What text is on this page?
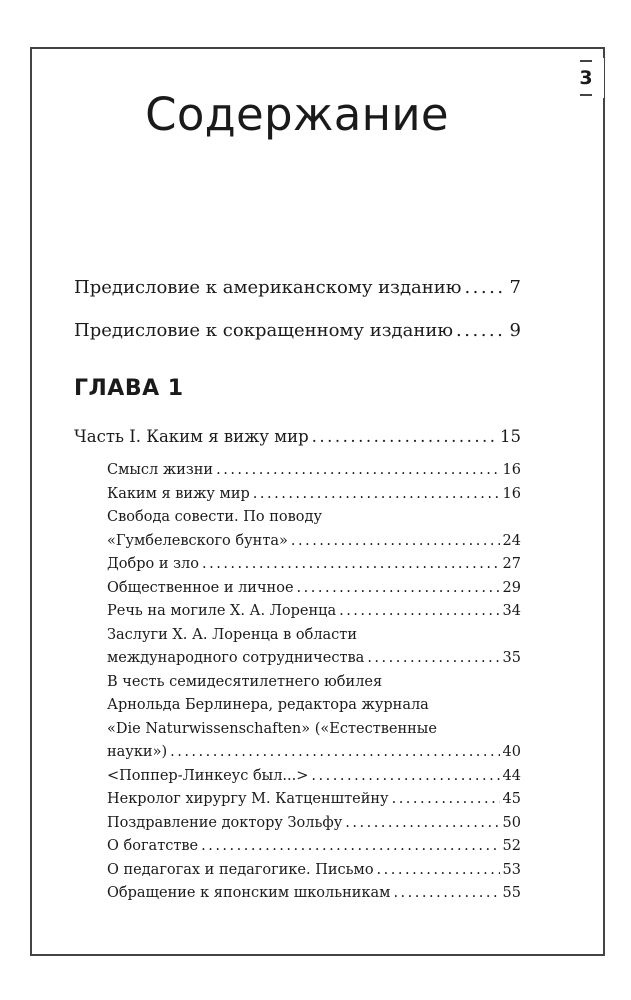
3
Содержание
Предисловие к американскому изданию .....	7
Предисловие к сокращенному изданию .....	9
ГЛАВА 1
Часть I. Каким я вижу мир .....	15
Смысл жизни .....	16
Каким я вижу мир .....	16
Свобода совести. По поводу
«Гумбелевского бунта» .....	24
Добро и зло .....	27
Общественное и личное .....	29
Речь на могиле Х. А. Лоренца .....	34
Заслуги Х. А. Лоренца в области
международного сотрудничества .....	35
В честь семидесятилетнего юбилея
Арнольда Берлинера, редактора журнала
«Die Naturwissenschaften» («Естественные
науки») .....	40
<Поппер-Линкеус был...> .....	44
Некролог хирургу М. Катценштейну .....	45
Поздравление доктору Зольфу .....	50
О богатстве .....	52
О педагогах и педагогике. Письмо .....	53
Обращение к японским школьникам .....	55
